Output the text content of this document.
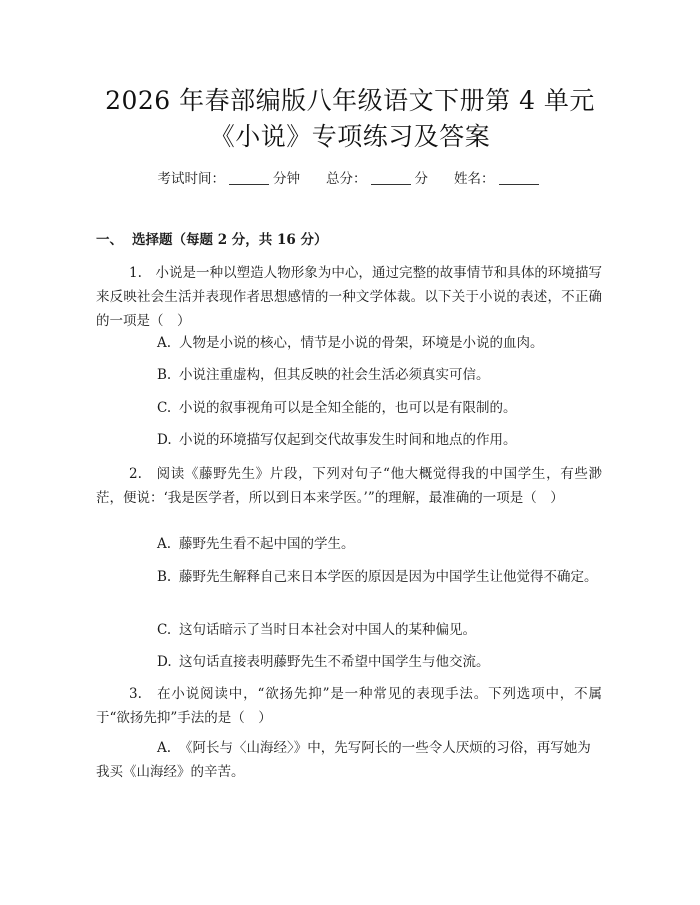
2026 年春部编版八年级语文下册第 4 单元
《小说》专项练习及答案
考试时间：	分钟 总分：	分 姓名：
一、 选择题（每题 2 分，共 16 分）
1.　小说是一种以塑造人物形象为中心，通过完整的故事情节和具体的环境描写来反映社会生活并表现作者思想感情的一种文学体裁。以下关于小说的表述，不正确的一项是（　）
A. 人物是小说的核心，情节是小说的骨架，环境是小说的血肉。
B. 小说注重虚构，但其反映的社会生活必须真实可信。
C. 小说的叙事视角可以是全知全能的，也可以是有限制的。
D. 小说的环境描写仅起到交代故事发生时间和地点的作用。
2.　阅读《藤野先生》片段，下列对句子“他大概觉得我的中国学生，有些渺茫，便说：‘我是医学者，所以到日本来学医。’”的理解，最准确的一项是（　）
A. 藤野先生看不起中国的学生。
B. 藤野先生解释自己来日本学医的原因是因为中国学生让他觉得不确定。
C. 这句话暗示了当时日本社会对中国人的某种偏见。
D. 这句话直接表明藤野先生不希望中国学生与他交流。
3.　在小说阅读中，“欲扬先抑”是一种常见的表现手法。下列选项中，不属于“欲扬先抑”手法的是（　）
A. 《阿长与〈山海经〉》中，先写阿长的一些令人厌烦的习俗，再写她为我买《山海经》的辛苦。
